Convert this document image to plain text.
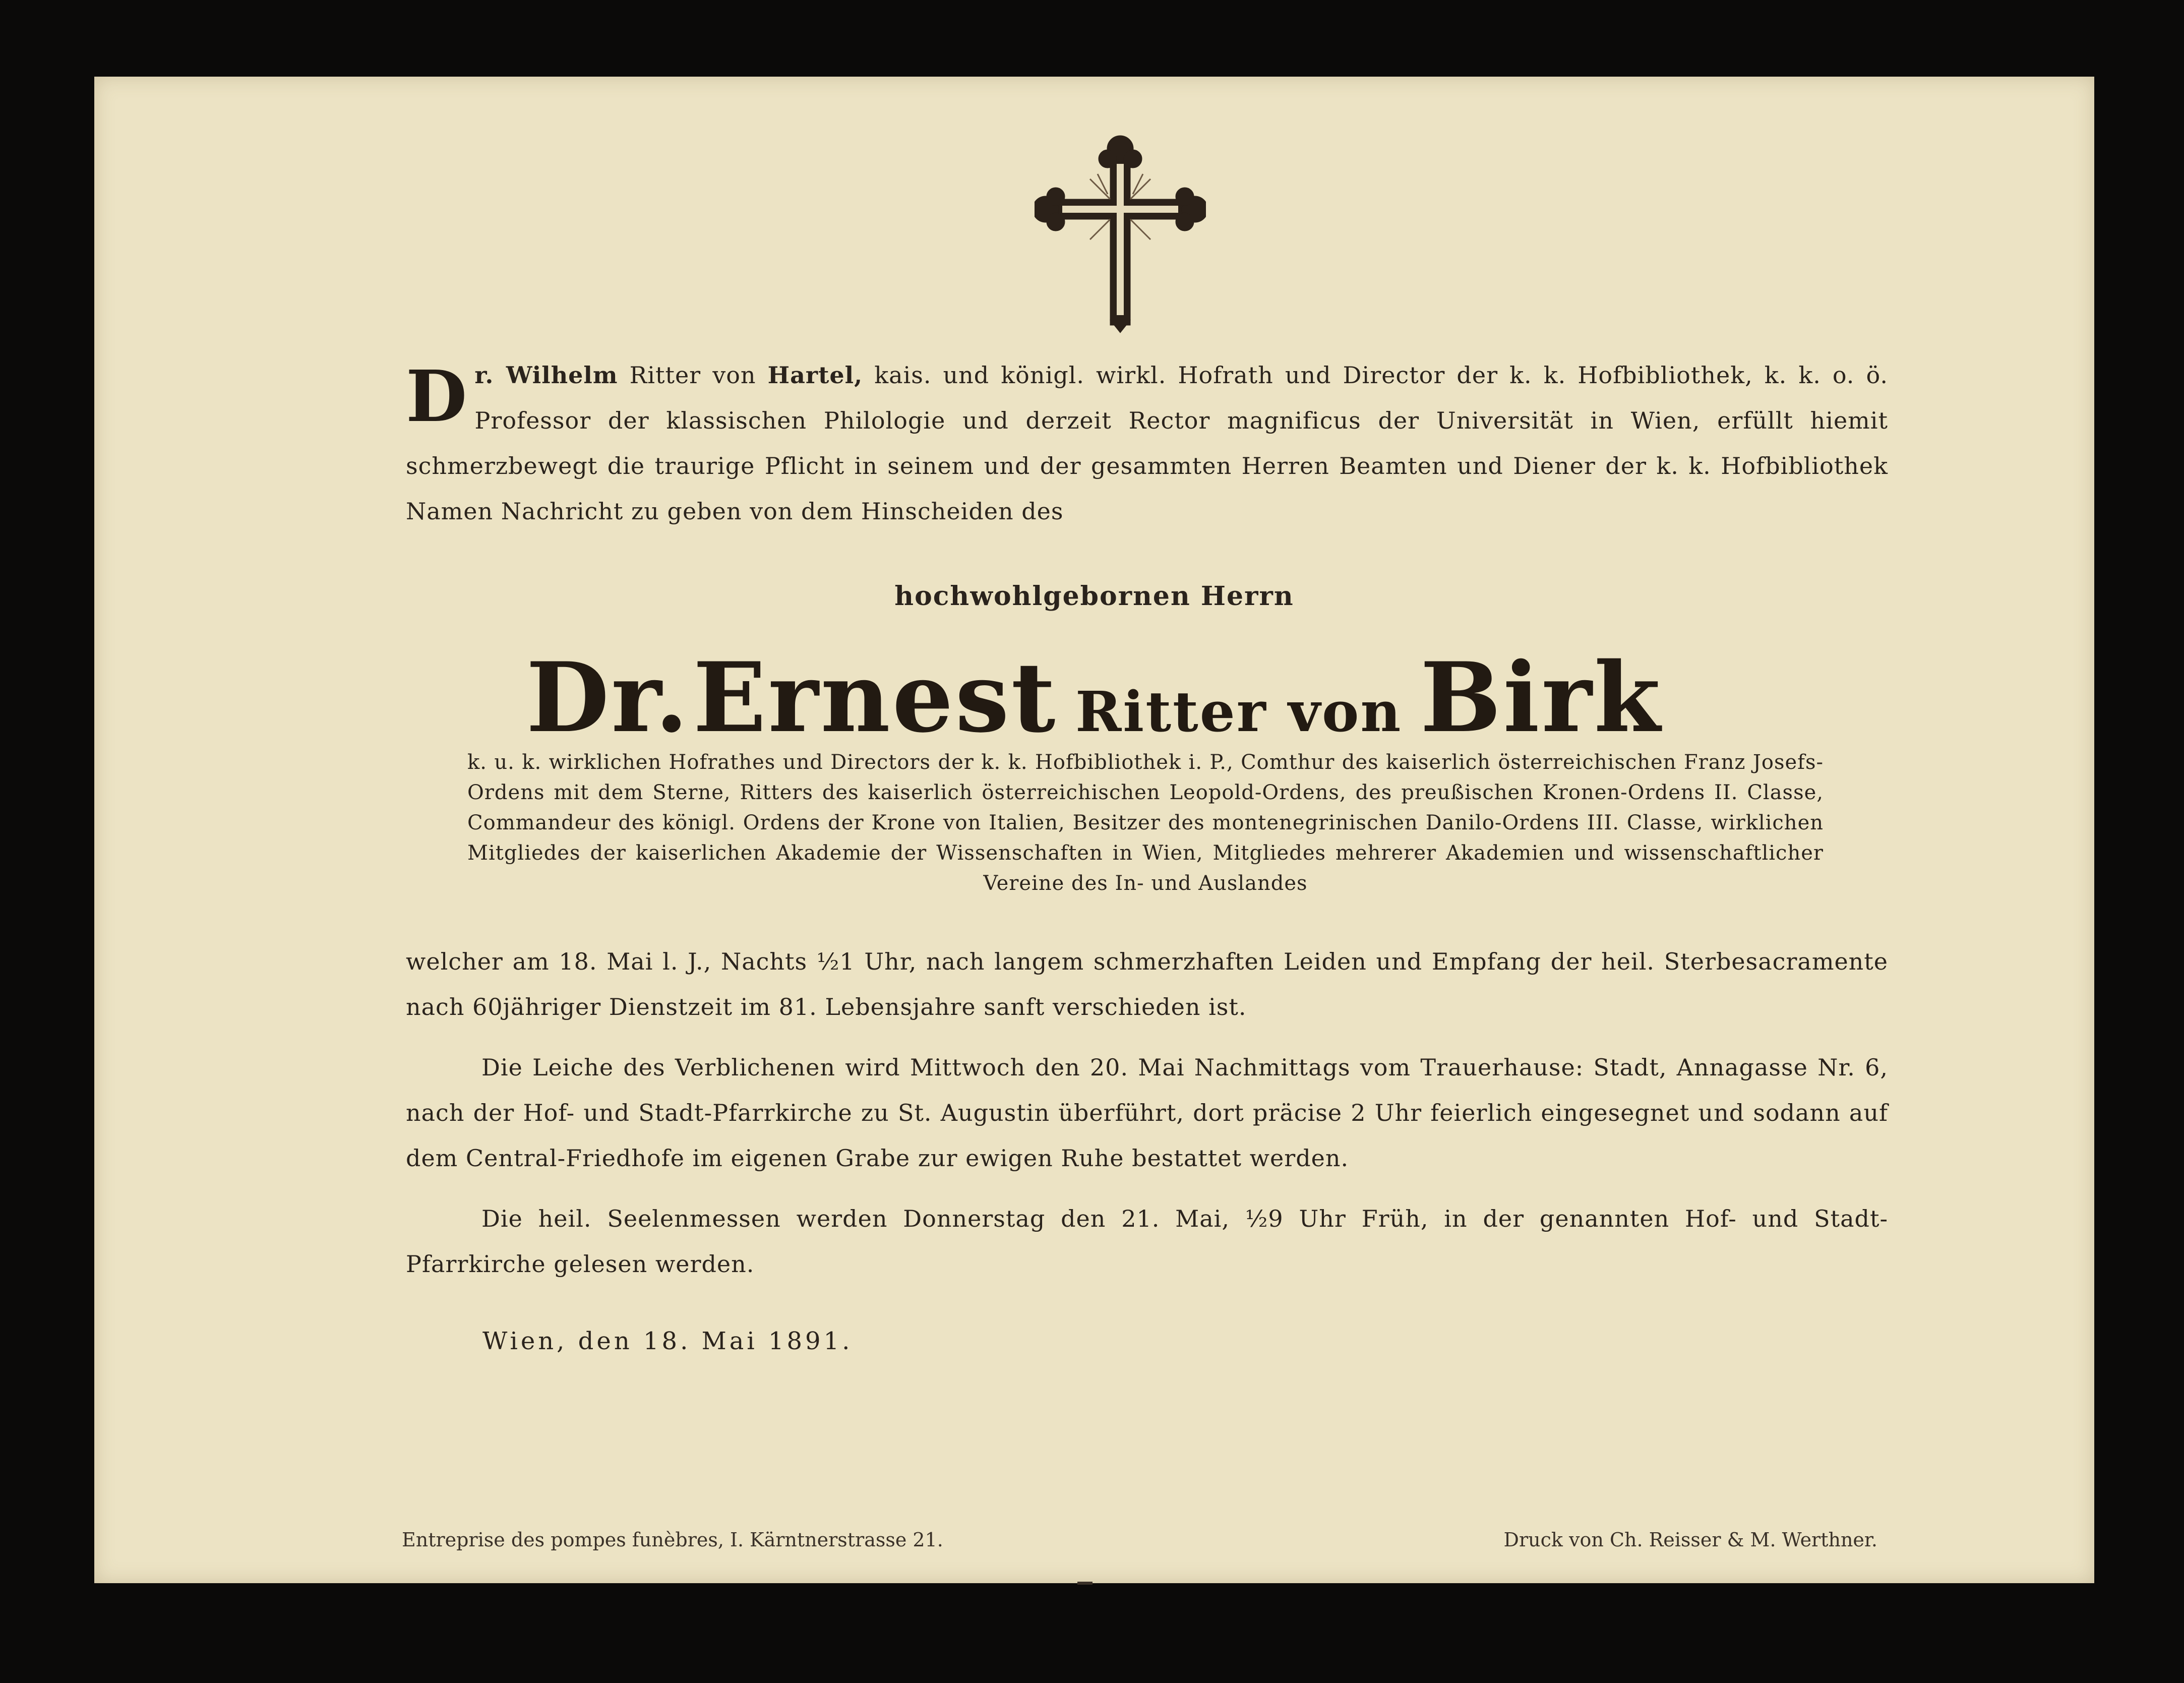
D r. Wilhelm Ritter von Hartel, kais. und königl. wirkl. Hofrath und Director der k. k. Hofbibliothek, k. k. o. ö. Professor der klassischen Philologie und derzeit Rector magnificus der Universität in Wien, erfüllt hiemit schmerzbewegt die traurige Pflicht in seinem und der gesammten Herren Beamten und Diener der k. k. Hofbibliothek Namen Nachricht zu geben von dem Hinscheiden des
hochwohlgebornen Herrn
Dr. Ernest Ritter von Birk
k. u. k. wirklichen Hofrathes und Directors der k. k. Hofbibliothek i. P., Comthur des kaiserlich österreichischen Franz Josefs-Ordens mit dem Sterne, Ritters des kaiserlich österreichischen Leopold-Ordens, des preußischen Kronen-Ordens II. Classe, Commandeur des königl. Ordens der Krone von Italien, Besitzer des montenegrinischen Danilo-Ordens III. Classe, wirklichen Mitgliedes der kaiserlichen Akademie der Wissenschaften in Wien, Mitgliedes mehrerer Akademien und wissenschaftlicher Vereine des In- und Auslandes
welcher am 18. Mai l. J., Nachts ½1 Uhr, nach langem schmerzhaften Leiden und Empfang der heil. Sterbesacramente nach 60jähriger Dienstzeit im 81. Lebensjahre sanft verschieden ist.
Die Leiche des Verblichenen wird Mittwoch den 20. Mai Nachmittags vom Trauerhause: Stadt, Annagasse Nr. 6, nach der Hof- und Stadt-Pfarrkirche zu St. Augustin überführt, dort präcise 2 Uhr feierlich eingesegnet und sodann auf dem Central-Friedhofe im eigenen Grabe zur ewigen Ruhe bestattet werden.
Die heil. Seelenmessen werden Donnerstag den 21. Mai, ½9 Uhr Früh, in der genannten Hof- und Stadt-Pfarrkirche gelesen werden.
Wien, den 18. Mai 1891.
Entreprise des pompes funèbres, I. Kärntnerstrasse 21.	Druck von Ch. Reisser & M. Werthner.
